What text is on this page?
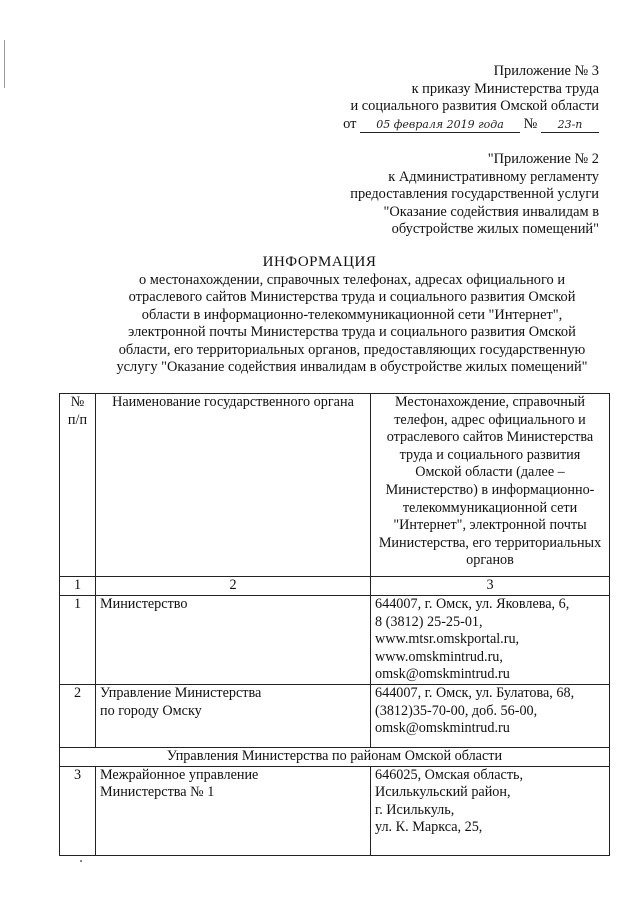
Приложение № 3
к приказу Министерства труда
и социального развития Омской области
от 05 февраля 2019 года № 23-п
"Приложение № 2
к Административному регламенту
предоставления государственной услуги
"Оказание содействия инвалидам в
обустройстве жилых помещений"
ИНФОРМАЦИЯ
о местонахождении, справочных телефонах, адресах официального и
отраслевого сайтов Министерства труда и социального развития Омской
области в информационно-телекоммуникационной сети "Интернет",
электронной почты Министерства труда и социального развития Омской
области, его территориальных органов, предоставляющих государственную
услугу "Оказание содействия инвалидам в обустройстве жилых помещений"
№
п/п	Наименование государственного органа	Местонахождение, справочный телефон, адрес официального и отраслевого сайтов Министерства труда и социального развития Омской области (далее – Министерство) в информационно-телекоммуникационной сети "Интернет", электронной почты Министерства, его территориальных органов
1	2	3
1	Министерство	644007, г. Омск, ул. Яковлева, 6,
8 (3812) 25-25-01,
www.mtsr.omskportal.ru,
www.omskmintrud.ru,
omsk@omskmintrud.ru
2	Управление Министерства
по городу Омску	644007, г. Омск, ул. Булатова, 68,
(3812)35-70-00, доб. 56-00,
omsk@omskmintrud.ru
Управления Министерства по районам Омской области		
3	Межрайонное управление
Министерства № 1	646025, Омская область,
Исилькульский район,
г. Исилькуль,
ул. К. Маркса, 25,
